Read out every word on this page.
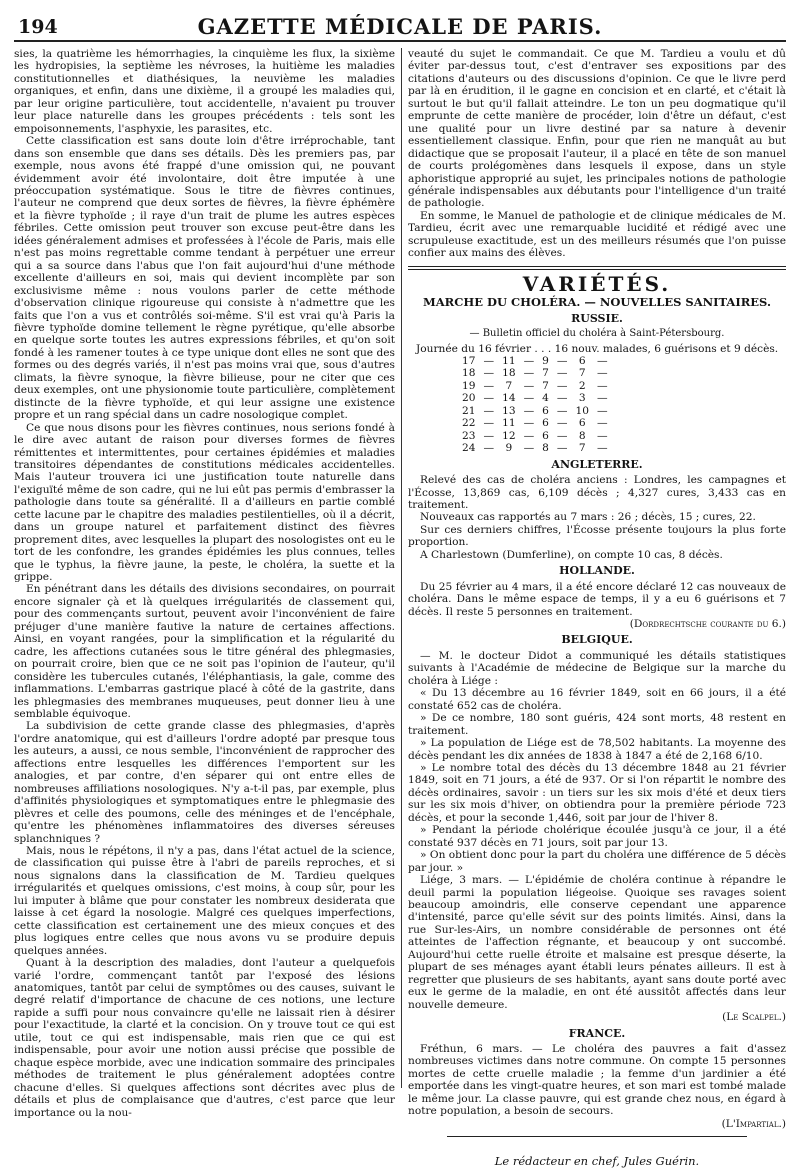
194	GAZETTE MÉDICALE DE PARIS.

sies, la quatrième les hémorrhagies, la cinquième les flux, la sixième les hydropisies, la septième les névroses, la huitième les maladies constitutionnelles et diathésiques, la neuvième les maladies organiques, et enfin, dans une dixième, il a groupé les maladies qui, par leur origine particulière, tout accidentelle, n'avaient pu trouver leur place naturelle dans les groupes précédents : tels sont les empoisonnements, l'asphyxie, les parasites, etc.

Cette classification est sans doute loin d'être irréprochable, tant dans son ensemble que dans ses détails. Dès les premiers pas, par exemple, nous avons été frappé d'une omission qui, ne pouvant évidemment avoir été involontaire, doit être imputée à une préoccupation systématique. Sous le titre de fièvres continues, l'auteur ne comprend que deux sortes de fièvres, la fièvre éphémère et la fièvre typhoïde ; il raye d'un trait de plume les autres espèces fébriles. Cette omission peut trouver son excuse peut-être dans les idées généralement admises et professées à l'école de Paris, mais elle n'est pas moins regrettable comme tendant à perpétuer une erreur qui a sa source dans l'abus que l'on fait aujourd'hui d'une méthode excellente d'ailleurs en soi, mais qui devient incomplète par son exclusivisme même : nous voulons parler de cette méthode d'observation clinique rigoureuse qui consiste à n'admettre que les faits que l'on a vus et contrôlés soi-même. S'il est vrai qu'à Paris la fièvre typhoïde domine tellement le règne pyrétique, qu'elle absorbe en quelque sorte toutes les autres expressions fébriles, et qu'on soit fondé à les ramener toutes à ce type unique dont elles ne sont que des formes ou des degrés variés, il n'est pas moins vrai que, sous d'autres climats, la fièvre synoque, la fièvre bilieuse, pour ne citer que ces deux exemples, ont une physionomie toute particulière, complètement distincte de la fièvre typhoïde, et qui leur assigne une existence propre et un rang spécial dans un cadre nosologique complet.

Ce que nous disons pour les fièvres continues, nous serions fondé à le dire avec autant de raison pour diverses formes de fièvres rémittentes et intermittentes, pour certaines épidémies et maladies transitoires dépendantes de constitutions médicales accidentelles. Mais l'auteur trouvera ici une justification toute naturelle dans l'exiguïté même de son cadre, qui ne lui eût pas permis d'embrasser la pathologie dans toute sa généralité. Il a d'ailleurs en partie comblé cette lacune par le chapitre des maladies pestilentielles, où il a décrit, dans un groupe naturel et parfaitement distinct des fièvres proprement dites, avec lesquelles la plupart des nosologistes ont eu le tort de les confondre, les grandes épidémies les plus connues, telles que le typhus, la fièvre jaune, la peste, le choléra, la suette et la grippe.

En pénétrant dans les détails des divisions secondaires, on pourrait encore signaler çà et là quelques irrégularités de classement qui, pour des commençants surtout, peuvent avoir l'inconvénient de faire préjuger d'une manière fautive la nature de certaines affections. Ainsi, en voyant rangées, pour la simplification et la régularité du cadre, les affections cutanées sous le titre général des phlegmasies, on pourrait croire, bien que ce ne soit pas l'opinion de l'auteur, qu'il considère les tubercules cutanés, l'éléphantiasis, la gale, comme des inflammations. L'embarras gastrique placé à côté de la gastrite, dans les phlegmasies des membranes muqueuses, peut donner lieu à une semblable équivoque.

La subdivision de cette grande classe des phlegmasies, d'après l'ordre anatomique, qui est d'ailleurs l'ordre adopté par presque tous les auteurs, a aussi, ce nous semble, l'inconvénient de rapprocher des affections entre lesquelles les différences l'emportent sur les analogies, et par contre, d'en séparer qui ont entre elles de nombreuses affiliations nosologiques. N'y a-t-il pas, par exemple, plus d'affinités physiologiques et symptomatiques entre le phlegmasie des plèvres et celle des poumons, celle des méninges et de l'encéphale, qu'entre les phénomènes inflammatoires des diverses séreuses splanchniques ?

Mais, nous le répétons, il n'y a pas, dans l'état actuel de la science, de classification qui puisse être à l'abri de pareils reproches, et si nous signalons dans la classification de M. Tardieu quelques irrégularités et quelques omissions, c'est moins, à coup sûr, pour les lui imputer à blâme que pour constater les nombreux desiderata que laisse à cet égard la nosologie. Malgré ces quelques imperfections, cette classification est certainement une des mieux conçues et des plus logiques entre celles que nous avons vu se produire depuis quelques années.

Quant à la description des maladies, dont l'auteur a quelquefois varié l'ordre, commençant tantôt par l'exposé des lésions anatomiques, tantôt par celui de symptômes ou des causes, suivant le degré relatif d'importance de chacune de ces notions, une lecture rapide a suffi pour nous convaincre qu'elle ne laissait rien à désirer pour l'exactitude, la clarté et la concision. On y trouve tout ce qui est utile, tout ce qui est indispensable, mais rien que ce qui est indispensable, pour avoir une notion aussi précise que possible de chaque espèce morbide, avec une indication sommaire des principales méthodes de traitement le plus généralement adoptées contre chacune d'elles. Si quelques affections sont décrites avec plus de détails et plus de complaisance que d'autres, c'est parce que leur importance ou la nou-

veauté du sujet le commandait. Ce que M. Tardieu a voulu et dû éviter par-dessus tout, c'est d'entraver ses expositions par des citations d'auteurs ou des discussions d'opinion. Ce que le livre perd par là en érudition, il le gagne en concision et en clarté, et c'était là surtout le but qu'il fallait atteindre. Le ton un peu dogmatique qu'il emprunte de cette manière de procéder, loin d'être un défaut, c'est une qualité pour un livre destiné par sa nature à devenir essentiellement classique. Enfin, pour que rien ne manquât au but didactique que se proposait l'auteur, il a placé en tête de son manuel de courts prolégomènes dans lesquels il expose, dans un style aphoristique approprié au sujet, les principales notions de pathologie générale indispensables aux débutants pour l'intelligence d'un traité de pathologie.

En somme, le Manuel de pathologie et de clinique médicales de M. Tardieu, écrit avec une remarquable lucidité et rédigé avec une scrupuleuse exactitude, est un des meilleurs résumés que l'on puisse confier aux mains des élèves.

VARIÉTÉS.
MARCHE DU CHOLÉRA. — NOUVELLES SANITAIRES.
RUSSIE.
— Bulletin officiel du choléra à Saint-Pétersbourg.
Journée du 16 février . . . 16 nouv. malades, 6 guérisons et 9 décès.
17	—	11	—	9	—	6	—
18	—	18	—	7	—	7	—
19	—	7	—	7	—	2	—
20	—	14	—	4	—	3	—
21	—	13	—	6	—	10	—
22	—	11	—	6	—	6	—
23	—	12	—	6	—	8	—
24	—	9	—	8	—	7	—
ANGLETERRE.

Relevé des cas de choléra anciens : Londres, les campagnes et l'Écosse, 13,869 cas, 6,109 décès ; 4,327 cures, 3,433 cas en traitement.

Nouveaux cas rapportés au 7 mars : 26 ; décès, 15 ; cures, 22.

Sur ces derniers chiffres, l'Écosse présente toujours la plus forte proportion.

A Charlestown (Dumferline), on compte 10 cas, 8 décès.

HOLLANDE.

Du 25 février au 4 mars, il a été encore déclaré 12 cas nouveaux de choléra. Dans le même espace de temps, il y a eu 6 guérisons et 7 décès. Il reste 5 personnes en traitement.

(Dordrechtsche courante du 6.)
BELGIQUE.

— M. le docteur Didot a communiqué les détails statistiques suivants à l'Académie de médecine de Belgique sur la marche du choléra à Liége :

« Du 13 décembre au 16 février 1849, soit en 66 jours, il a été constaté 652 cas de choléra.

» De ce nombre, 180 sont guéris, 424 sont morts, 48 restent en traitement.

» La population de Liége est de 78,502 habitants. La moyenne des décès pendant les dix années de 1838 à 1847 a été de 2,168 6/10.

» Le nombre total des décès du 13 décembre 1848 au 21 février 1849, soit en 71 jours, a été de 937. Or si l'on répartit le nombre des décès ordinaires, savoir : un tiers sur les six mois d'été et deux tiers sur les six mois d'hiver, on obtiendra pour la première période 723 décès, et pour la seconde 1,446, soit par jour de l'hiver 8.

» Pendant la période cholérique écoulée jusqu'à ce jour, il a été constaté 937 décès en 71 jours, soit par jour 13.

» On obtient donc pour la part du choléra une différence de 5 décès par jour. »

Liége, 3 mars. — L'épidémie de choléra continue à répandre le deuil parmi la population liégeoise. Quoique ses ravages soient beaucoup amoindris, elle conserve cependant une apparence d'intensité, parce qu'elle sévit sur des points limités. Ainsi, dans la rue Sur-les-Airs, un nombre considérable de personnes ont été atteintes de l'affection régnante, et beaucoup y ont succombé. Aujourd'hui cette ruelle étroite et malsaine est presque déserte, la plupart de ses ménages ayant établi leurs pénates ailleurs. Il est à regretter que plusieurs de ses habitants, ayant sans doute porté avec eux le germe de la maladie, en ont été aussitôt affectés dans leur nouvelle demeure.

(Le Scalpel.)
FRANCE.

Fréthun, 6 mars. — Le choléra des pauvres a fait d'assez nombreuses victimes dans notre commune. On compte 15 personnes mortes de cette cruelle maladie ; la femme d'un jardinier a été emportée dans les vingt-quatre heures, et son mari est tombé malade le même jour. La classe pauvre, qui est grande chez nous, en égard à notre population, a besoin de secours.

(L'Impartial.)
Le rédacteur en chef, Jules Guérin.
